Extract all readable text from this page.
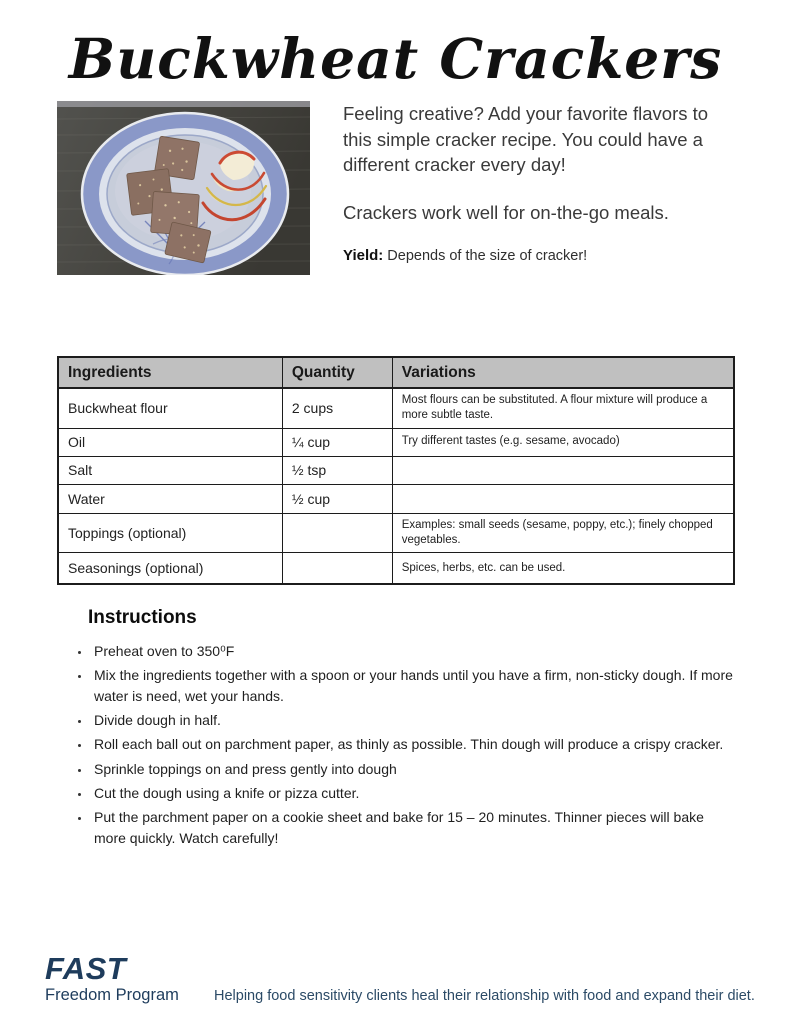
Buckwheat Crackers

Feeling creative? Add your favorite flavors to this simple cracker recipe. You could have a different cracker every day!

Crackers work well for on-the-go meals.

Yield: Depends of the size of cracker!
Ingredients	Quantity	Variations
Buckwheat flour	2 cups	Most flours can be substituted. A flour mixture will produce a more subtle taste.
Oil	¼ cup	Try different tastes (e.g. sesame, avocado)
Salt	½ tsp	
Water	½ cup	
Toppings (optional)		Examples: small seeds (sesame, poppy, etc.); finely chopped vegetables.
Seasonings (optional)		Spices, herbs, etc. can be used.
Instructions
• Preheat oven to 350⁰F
• Mix the ingredients together with a spoon or your hands until you have a firm, non-sticky dough. If more water is need, wet your hands.
• Divide dough in half.
• Roll each ball out on parchment paper, as thinly as possible. Thin dough will produce a crispy cracker.
• Sprinkle toppings on and press gently into dough
• Cut the dough using a knife or pizza cutter.
• Put the parchment paper on a cookie sheet and bake for 15 – 20 minutes. Thinner pieces will bake more quickly. Watch carefully!
FAST
Freedom Program Helping food sensitivity clients heal their relationship with food and expand their diet.
